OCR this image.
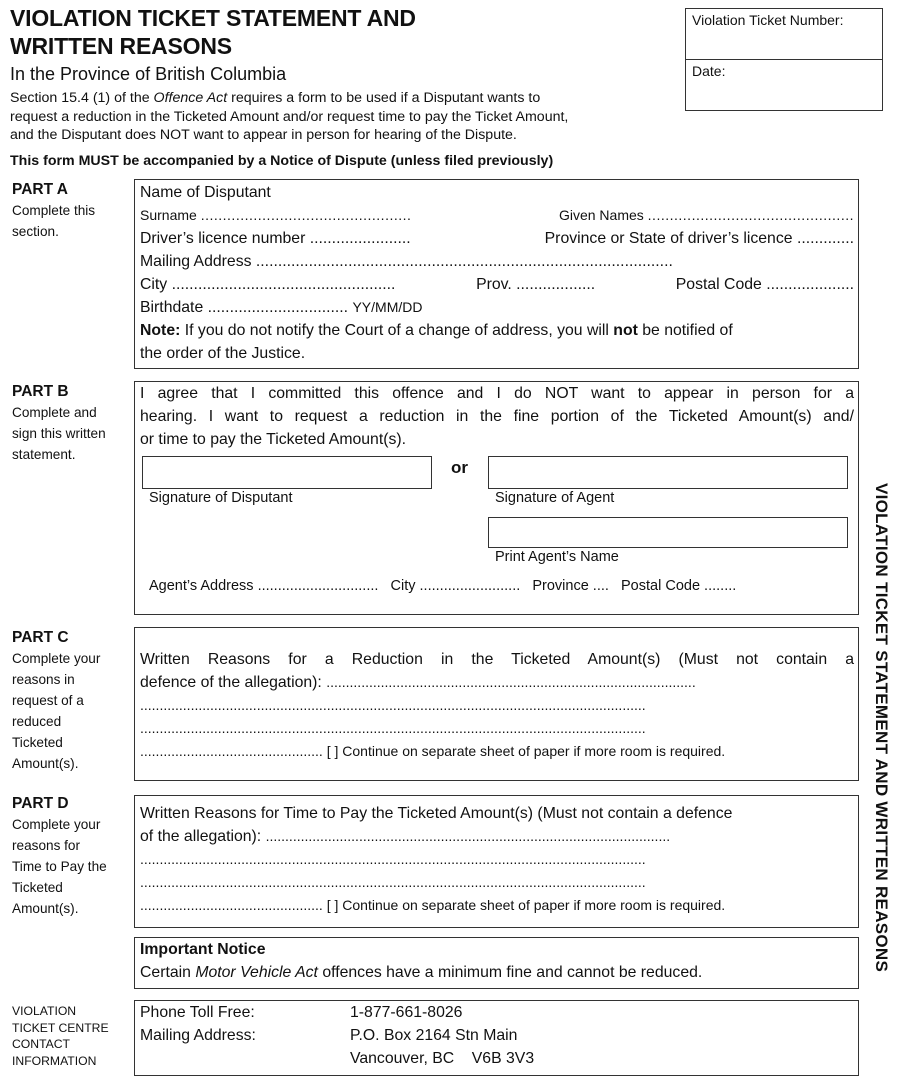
VIOLATION TICKET STATEMENT AND
WRITTEN REASONS
In the Province of British Columbia
Section 15.4 (1) of the Offence Act requires a form to be used if a Disputant wants to
request a reduction in the Ticketed Amount and/or request time to pay the Ticket Amount,
and the Disputant does NOT want to appear in person for hearing of the Dispute.
This form MUST be accompanied by a Notice of Dispute (unless filed previously)
Violation Ticket Number:
Date:
PART A
Complete this
section.
Name of Disputant
Surname ................................................	Given Names ...............................................
Driver’s licence number .......................	Province or State of driver’s licence .............
Mailing Address ...............................................................................................
City ...................................................	Prov. ..................	Postal Code ....................
Birthdate ................................ YY/MM/DD
Note: If you do not notify the Court of a change of address, you will not be notified of
the order of the Justice.
PART B
Complete and
sign this written
statement.
I agree that I committed this offence and I do NOT want to appear in person for a
hearing. I want to request a reduction in the fine portion of the Ticketed Amount(s) and/
or time to pay the Ticketed Amount(s).
or
Signature of Disputant	Signature of Agent
Print Agent’s Name
Agent’s Address .............................. City ......................... Province .... Postal Code ........
PART C
Complete your
reasons in
request of a
reduced
Ticketed
Amount(s).
Written Reasons for a Reduction in the Ticketed Amount(s) (Must not contain a
defence of the allegation): ...............................................................................................
..................................................................................................................................
..................................................................................................................................
............................................... [ ] Continue on separate sheet of paper if more room is required.
PART D
Complete your
reasons for
Time to Pay the
Ticketed
Amount(s).
Written Reasons for Time to Pay the Ticketed Amount(s) (Must not contain a defence
of the allegation): ........................................................................................................
..................................................................................................................................
..................................................................................................................................
............................................... [ ] Continue on separate sheet of paper if more room is required.
Important Notice
Certain Motor Vehicle Act offences have a minimum fine and cannot be reduced.
VIOLATION
TICKET CENTRE
CONTACT
INFORMATION
Phone Toll Free:	1-877-661-8026
Mailing Address:	P.O. Box 2164 Stn Main
Vancouver, BC    V6B 3V3
VIOLATION TICKET STATEMENT AND WRITTEN REASONS
